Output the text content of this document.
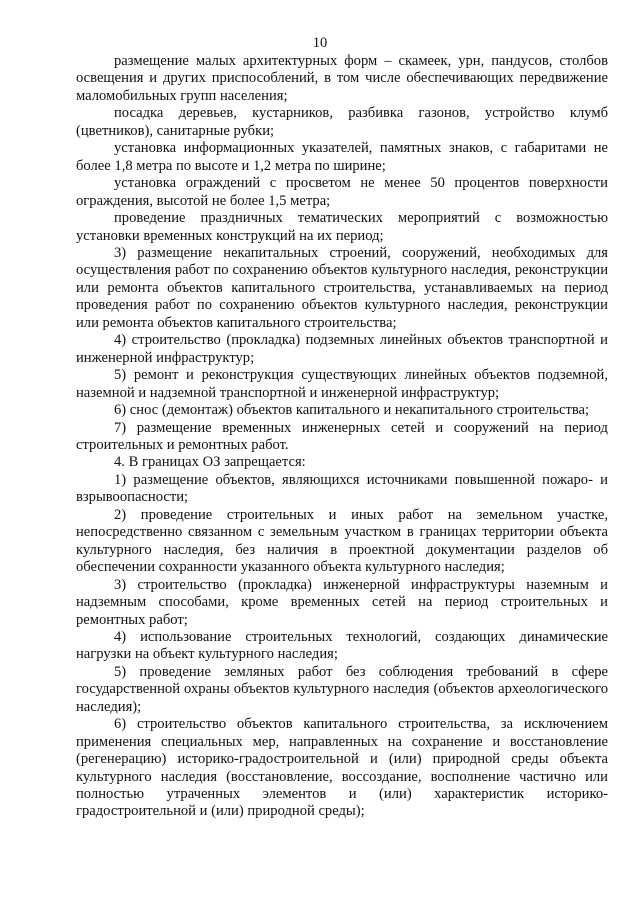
10

размещение малых архитектурных форм – скамеек, урн, пандусов, столбов освещения и других приспособлений, в том числе обеспечивающих передвижение маломобильных групп населения;

посадка деревьев, кустарников, разбивка газонов, устройство клумб (цветников), санитарные рубки;

установка информационных указателей, памятных знаков, с габаритами не более 1,8 метра по высоте и 1,2 метра по ширине;

установка ограждений с просветом не менее 50 процентов поверхности ограждения, высотой не более 1,5 метра;

проведение праздничных тематических мероприятий с возможностью установки временных конструкций на их период;

3) размещение некапитальных строений, сооружений, необходимых для осуществления работ по сохранению объектов культурного наследия, реконструкции или ремонта объектов капитального строительства, устанавливаемых на период проведения работ по сохранению объектов культурного наследия, реконструкции или ремонта объектов капитального строительства;

4) строительство (прокладка) подземных линейных объектов транспортной и инженерной инфраструктур;

5) ремонт и реконструкция существующих линейных объектов подземной, наземной и надземной транспортной и инженерной инфраструктур;

6) снос (демонтаж) объектов капитального и некапитального строительства;

7) размещение временных инженерных сетей и сооружений на период строительных и ремонтных работ.

4. В границах ОЗ запрещается:

1) размещение объектов, являющихся источниками повышенной пожаро- и взрывоопасности;

2) проведение строительных и иных работ на земельном участке, непосредственно связанном с земельным участком в границах территории объекта культурного наследия, без наличия в проектной документации разделов об обеспечении сохранности указанного объекта культурного наследия;

3) строительство (прокладка) инженерной инфраструктуры наземным и надземным способами, кроме временных сетей на период строительных и ремонтных работ;

4) использование строительных технологий, создающих динамические нагрузки на объект культурного наследия;

5) проведение земляных работ без соблюдения требований в сфере государственной охраны объектов культурного наследия (объектов археологического наследия);

6) строительство объектов капитального строительства, за исключением применения специальных мер, направленных на сохранение и восстановление (регенерацию) историко-градостроительной и (или) природной среды объекта культурного наследия (восстановление, воссоздание, восполнение частично или полностью утраченных элементов и (или) характеристик историко-градостроительной и (или) природной среды);
